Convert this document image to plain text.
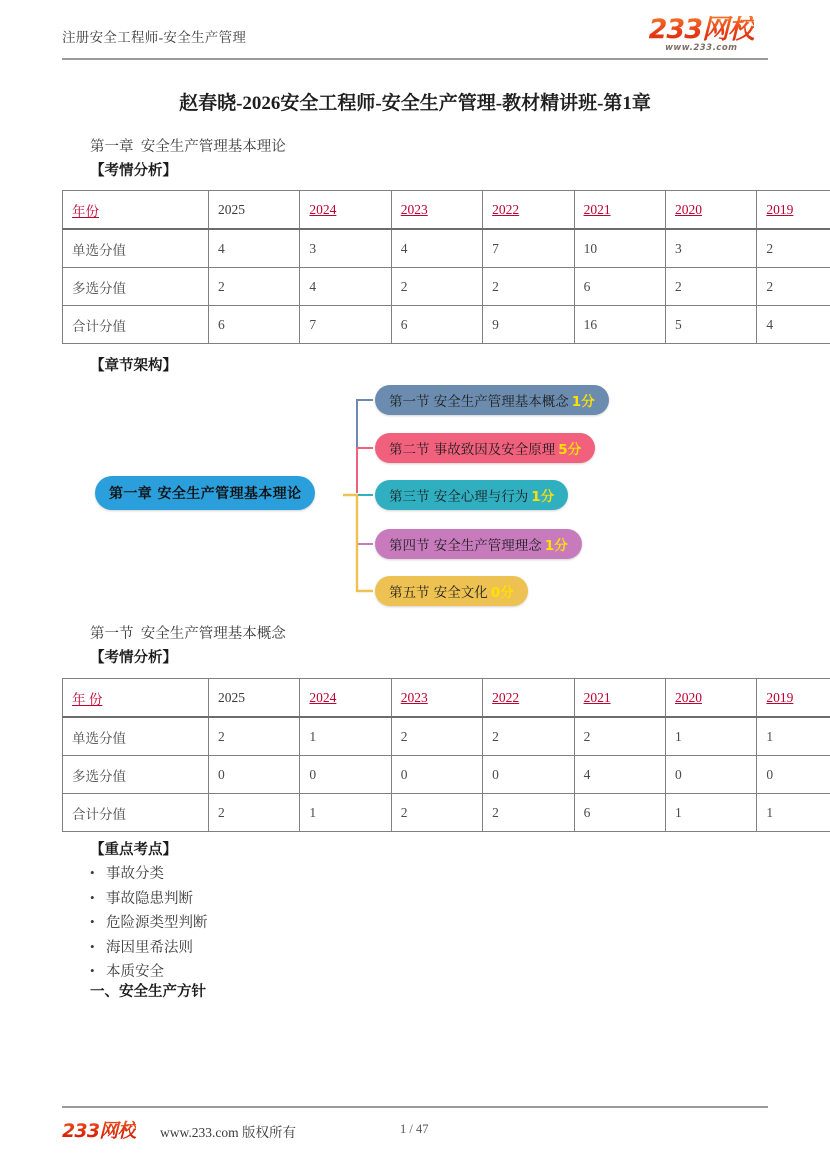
注册安全工程师-安全生产管理	233网校
www.233.com
赵春晓-2026安全工程师-安全生产管理-教材精讲班-第1章
第一章  安全生产管理基本理论
【考情分析】
年份	2025	2024	2023	2022	2021	2020	2019
单选分值	4	3	4	7	10	3	2
多选分值	2	4	2	2	6	2	2
合计分值	6	7	6	9	16	5	4
【章节架构】
第一章 安全生产管理基本理论
第一节 安全生产管理基本概念 1分
第二节 事故致因及安全原理 5分
第三节 安全心理与行为 1分
第四节 安全生产管理理念 1分
第五节 安全文化 0分
第一节  安全生产管理基本概念
【考情分析】
年 份	2025	2024	2023	2022	2021	2020	2019
单选分值	2	1	2	2	2	1	1
多选分值	0	0	0	0	4	0	0
合计分值	2	1	2	2	6	1	1
【重点考点】
• 事故分类
• 事故隐患判断
• 危险源类型判断
• 海因里希法则
• 本质安全
一、安全生产方针
233网校 www.233.com 版权所有	1 / 47
